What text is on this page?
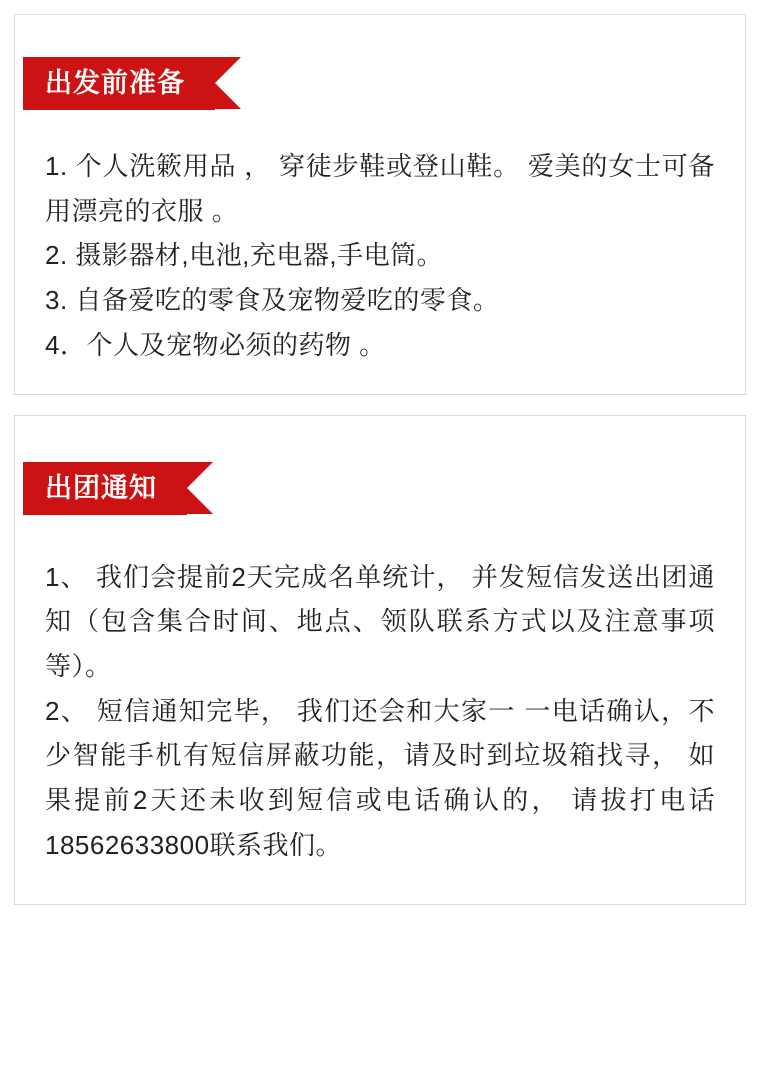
出发前准备

1. 个人洗簌用品 ， 穿徒步鞋或登山鞋。 爱美的女士可备用漂亮的衣服 。

2. 摄影器材,电池,充电器,手电筒。

3. 自备爱吃的零食及宠物爱吃的零食。

4．个人及宠物必须的药物 。

出团通知

1、 我们会提前2天完成名单统计， 并发短信发送出团通知（包含集合时间、地点、领队联系方式以及注意事项等）。

2、 短信通知完毕， 我们还会和大家一 一电话确认，不少智能手机有短信屏蔽功能，请及时到垃圾箱找寻， 如果提前2天还未收到短信或电话确认的， 请拔打电话18562633800联系我们。
